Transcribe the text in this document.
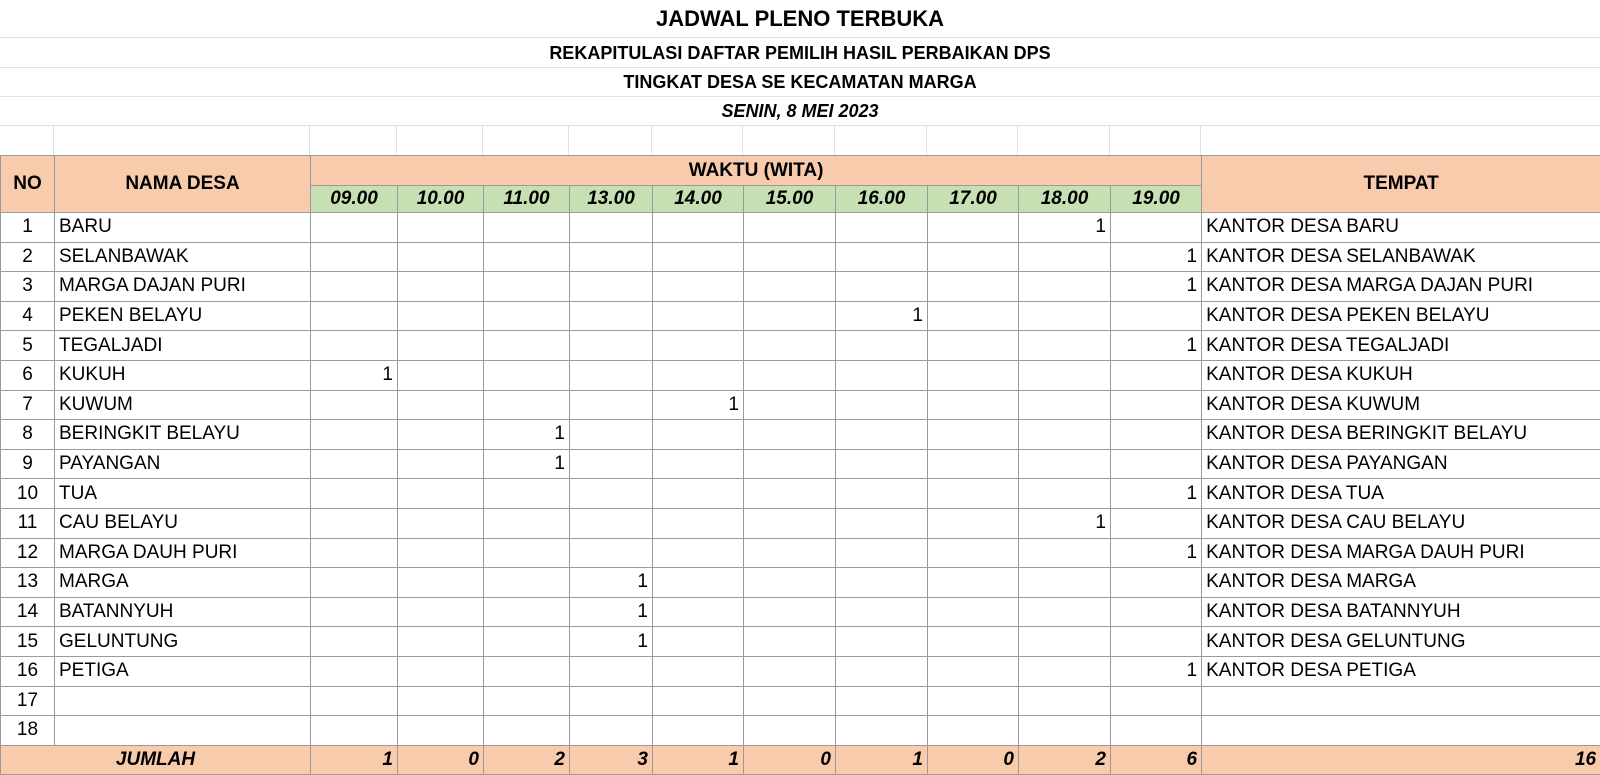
JADWAL PLENO TERBUKA
REKAPITULASI DAFTAR PEMILIH HASIL PERBAIKAN DPS
TINGKAT DESA SE KECAMATAN MARGA
SENIN, 8 MEI 2023
NO	NAMA DESA	WAKTU (WITA)										TEMPAT
		09.00	10.00	11.00	13.00	14.00	15.00	16.00	17.00	18.00	19.00	
1	BARU									1		KANTOR DESA BARU
2	SELANBAWAK										1	KANTOR DESA SELANBAWAK
3	MARGA DAJAN PURI										1	KANTOR DESA MARGA DAJAN PURI
4	PEKEN BELAYU							1				KANTOR DESA PEKEN BELAYU
5	TEGALJADI										1	KANTOR DESA TEGALJADI
6	KUKUH	1										KANTOR DESA KUKUH
7	KUWUM					1						KANTOR DESA KUWUM
8	BERINGKIT BELAYU			1								KANTOR DESA BERINGKIT BELAYU
9	PAYANGAN			1								KANTOR DESA PAYANGAN
10	TUA										1	KANTOR DESA TUA
11	CAU BELAYU									1		KANTOR DESA CAU BELAYU
12	MARGA DAUH PURI										1	KANTOR DESA MARGA DAUH PURI
13	MARGA				1							KANTOR DESA MARGA
14	BATANNYUH				1							KANTOR DESA BATANNYUH
15	GELUNTUNG				1							KANTOR DESA GELUNTUNG
16	PETIGA										1	KANTOR DESA PETIGA
17												
18												
JUMLAH		1	0	2	3	1	0	1	0	2	6	16
